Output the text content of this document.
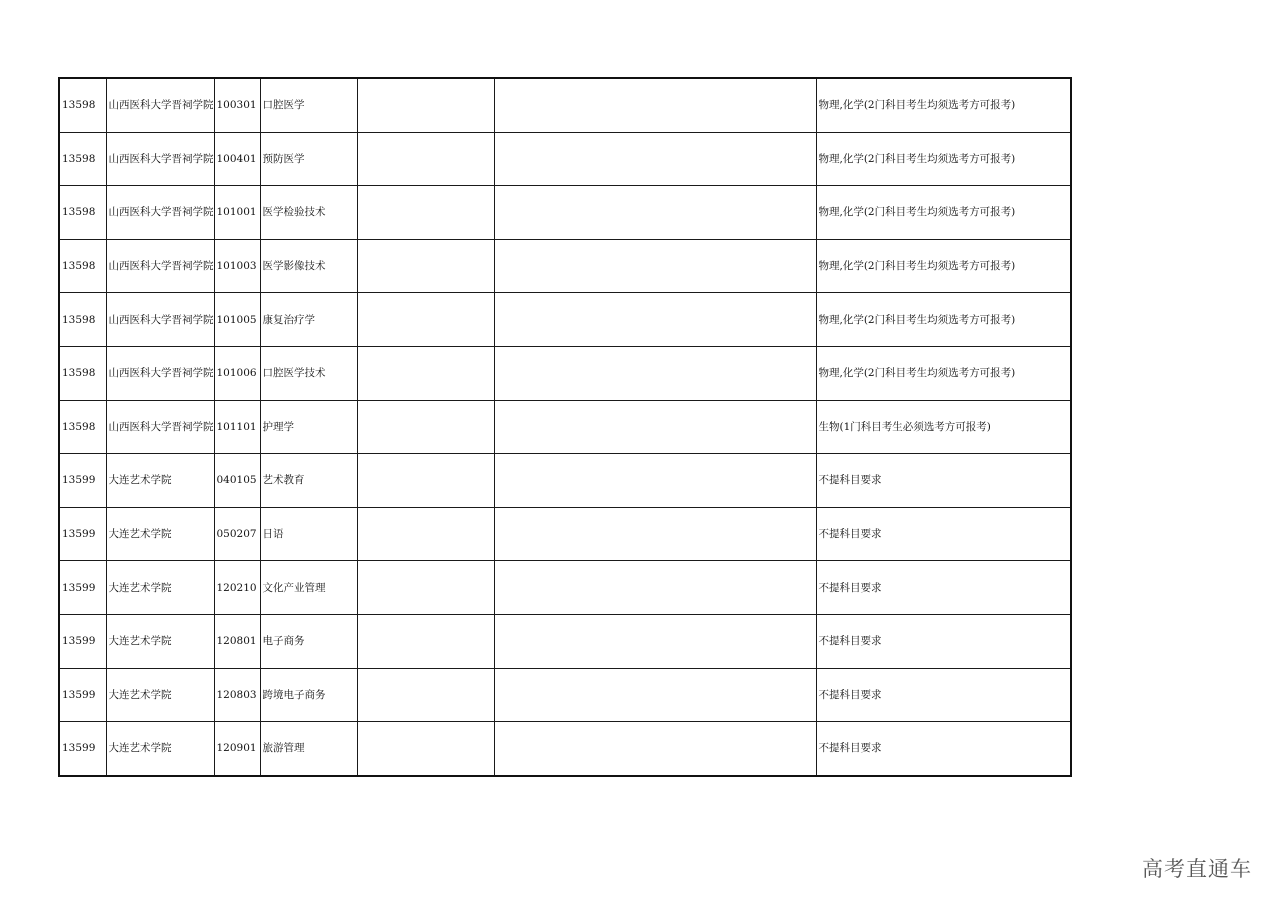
13598	山西医科大学晋祠学院	100301	口腔医学			物理,化学(2门科目考生均须选考方可报考)
13598	山西医科大学晋祠学院	100401	预防医学			物理,化学(2门科目考生均须选考方可报考)
13598	山西医科大学晋祠学院	101001	医学检验技术			物理,化学(2门科目考生均须选考方可报考)
13598	山西医科大学晋祠学院	101003	医学影像技术			物理,化学(2门科目考生均须选考方可报考)
13598	山西医科大学晋祠学院	101005	康复治疗学			物理,化学(2门科目考生均须选考方可报考)
13598	山西医科大学晋祠学院	101006	口腔医学技术			物理,化学(2门科目考生均须选考方可报考)
13598	山西医科大学晋祠学院	101101	护理学			生物(1门科目考生必须选考方可报考)
13599	大连艺术学院	040105	艺术教育			不提科目要求
13599	大连艺术学院	050207	日语			不提科目要求
13599	大连艺术学院	120210	文化产业管理			不提科目要求
13599	大连艺术学院	120801	电子商务			不提科目要求
13599	大连艺术学院	120803	跨境电子商务			不提科目要求
13599	大连艺术学院	120901	旅游管理			不提科目要求
高考直通车
